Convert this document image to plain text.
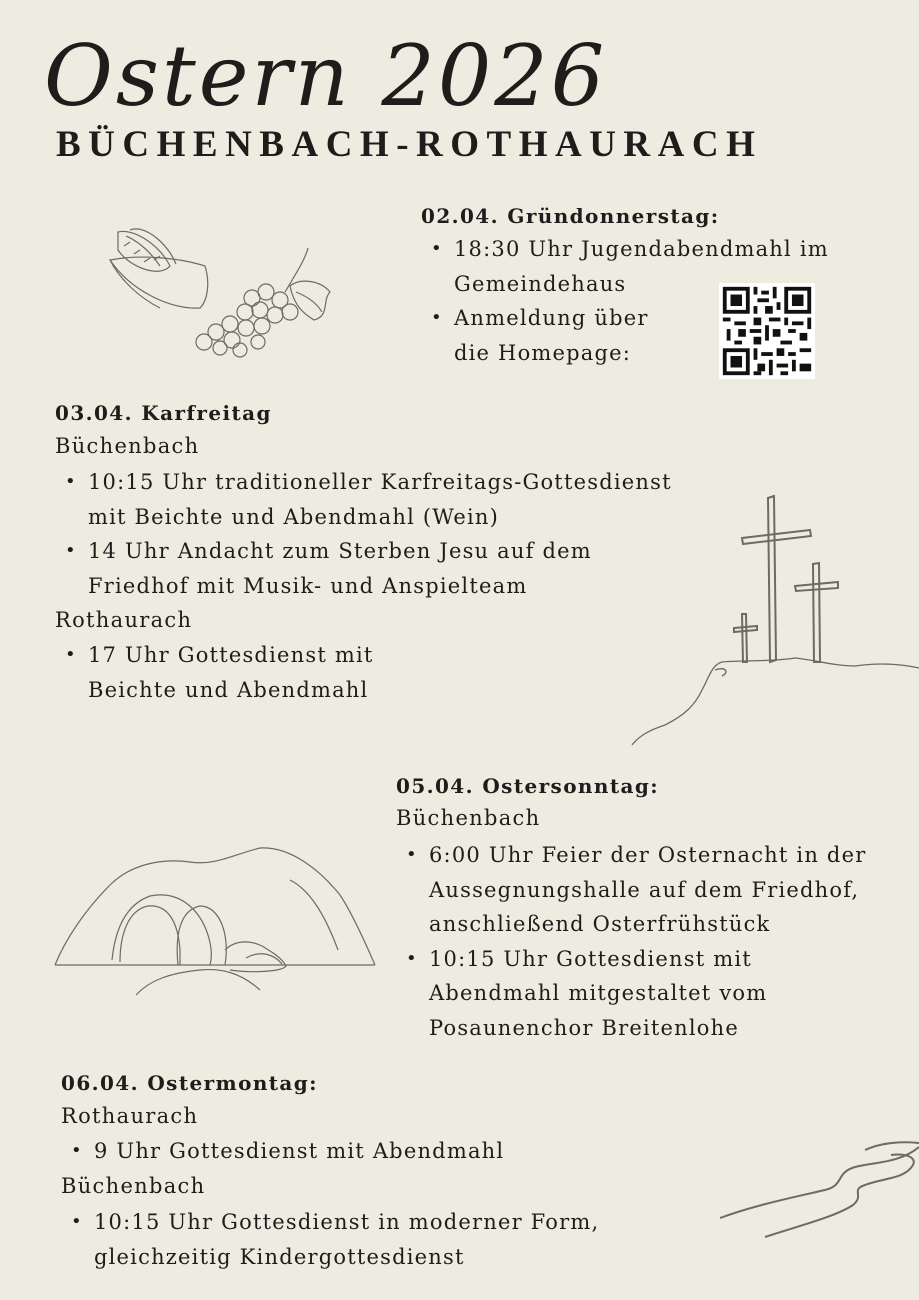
Ostern 2026
BÜCHENBACH-ROTHAURACH
02.04. Gründonnerstag:
• 18:30 Uhr Jugendabendmahl im Gemeindehaus
• Anmeldung über die Homepage:
03.04. Karfreitag
Büchenbach
• 10:15 Uhr traditioneller Karfreitags-Gottesdienst mit Beichte und Abendmahl (Wein)
• 14 Uhr Andacht zum Sterben Jesu auf dem Friedhof mit Musik- und Anspielteam
Rothaurach
• 17 Uhr Gottesdienst mit Beichte und Abendmahl
05.04. Ostersonntag:
Büchenbach
• 6:00 Uhr Feier der Osternacht in der Aussegnungshalle auf dem Friedhof, anschließend Osterfrühstück
• 10:15 Uhr Gottesdienst mit Abendmahl mitgestaltet vom Posaunenchor Breitenlohe
06.04. Ostermontag:
Rothaurach
• 9 Uhr Gottesdienst mit Abendmahl
Büchenbach
• 10:15 Uhr Gottesdienst in moderner Form, gleichzeitig Kindergottesdienst
